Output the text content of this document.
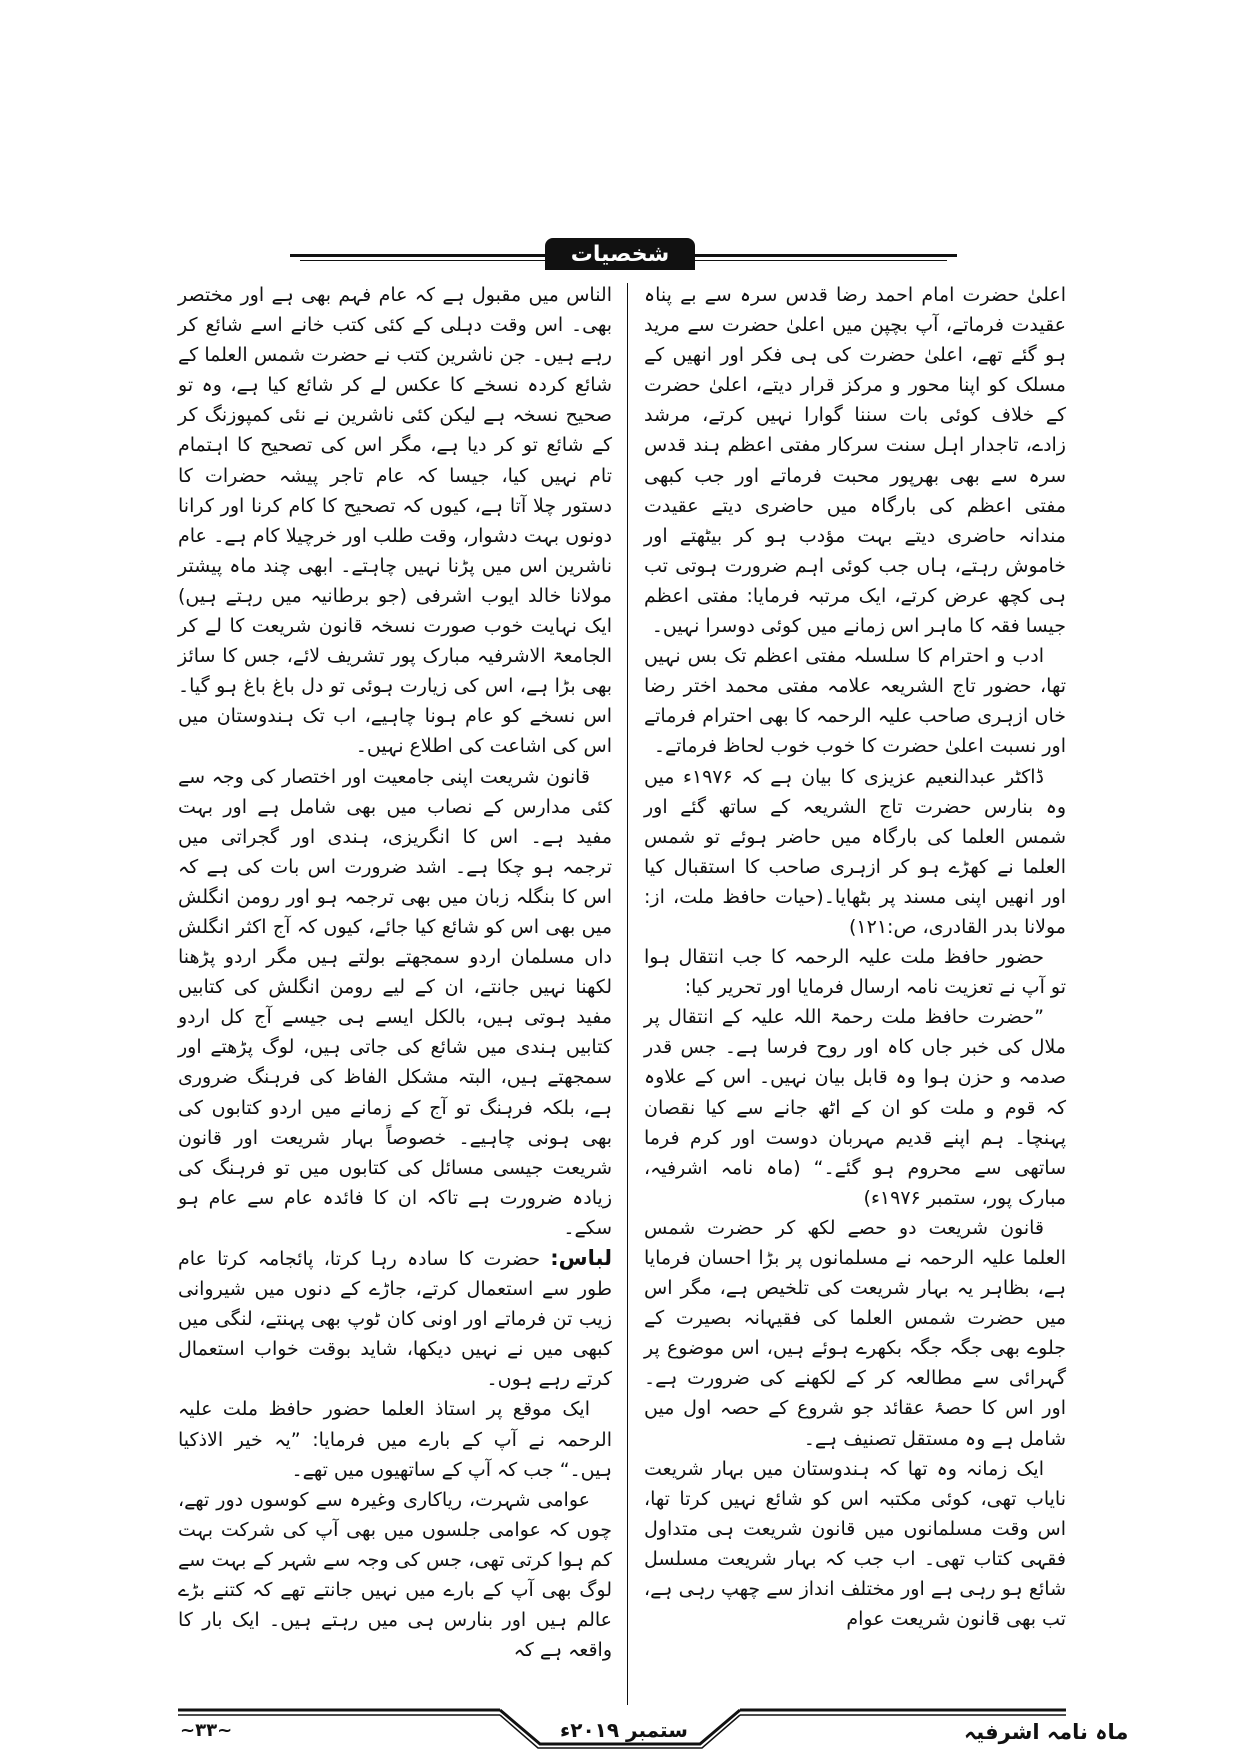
شخصیات

اعلیٰ حضرت امام احمد رضا قدس سرہ سے بے پناہ عقیدت فرماتے، آپ بچپن میں اعلیٰ حضرت سے مرید ہو گئے تھے، اعلیٰ حضرت کی ہی فکر اور انھیں کے مسلک کو اپنا محور و مرکز قرار دیتے، اعلیٰ حضرت کے خلاف کوئی بات سننا گوارا نہیں کرتے، مرشد زادے، تاجدار اہل سنت سرکار مفتی اعظم ہند قدس سرہ سے بھی بھرپور محبت فرماتے اور جب کبھی مفتی اعظم کی بارگاہ میں حاضری دیتے عقیدت مندانہ حاضری دیتے بہت مؤدب ہو کر بیٹھتے اور خاموش رہتے، ہاں جب کوئی اہم ضرورت ہوتی تب ہی کچھ عرض کرتے، ایک مرتبہ فرمایا: مفتی اعظم جیسا فقہ کا ماہر اس زمانے میں کوئی دوسرا نہیں۔

ادب و احترام کا سلسلہ مفتی اعظم تک بس نہیں تھا، حضور تاج الشریعہ علامہ مفتی محمد اختر رضا خاں ازہری صاحب علیہ الرحمہ کا بھی احترام فرماتے اور نسبت اعلیٰ حضرت کا خوب خوب لحاظ فرماتے۔

ڈاکٹر عبدالنعیم عزیزی کا بیان ہے کہ ۱۹۷۶ء میں وہ بنارس حضرت تاج الشریعہ کے ساتھ گئے اور شمس العلما کی بارگاہ میں حاضر ہوئے تو شمس العلما نے کھڑے ہو کر ازہری صاحب کا استقبال کیا اور انھیں اپنی مسند پر بٹھایا۔(حیات حافظ ملت، از: مولانا بدر القادری، ص:۱۲۱)

حضور حافظ ملت علیہ الرحمہ کا جب انتقال ہوا تو آپ نے تعزیت نامہ ارسال فرمایا اور تحریر کیا:

”حضرت حافظ ملت رحمۃ اللہ علیہ کے انتقال پر ملال کی خبر جاں کاہ اور روح فرسا ہے۔ جس قدر صدمہ و حزن ہوا وہ قابل بیان نہیں۔ اس کے علاوہ کہ قوم و ملت کو ان کے اٹھ جانے سے کیا نقصان پہنچا۔ ہم اپنے قدیم مہربان دوست اور کرم فرما ساتھی سے محروم ہو گئے۔“ (ماہ نامہ اشرفیہ، مبارک پور، ستمبر ۱۹۷۶ء)

قانون شریعت دو حصے لکھ کر حضرت شمس العلما علیہ الرحمہ نے مسلمانوں پر بڑا احسان فرمایا ہے، بظاہر یہ بہار شریعت کی تلخیص ہے، مگر اس میں حضرت شمس العلما کی فقیہانہ بصیرت کے جلوے بھی جگہ جگہ بکھرے ہوئے ہیں، اس موضوع پر گہرائی سے مطالعہ کر کے لکھنے کی ضرورت ہے۔ اور اس کا حصۂ عقائد جو شروع کے حصہ اول میں شامل ہے وہ مستقل تصنیف ہے۔

ایک زمانہ وہ تھا کہ ہندوستان میں بہار شریعت نایاب تھی، کوئی مکتبہ اس کو شائع نہیں کرتا تھا، اس وقت مسلمانوں میں قانون شریعت ہی متداول فقہی کتاب تھی۔ اب جب کہ بہار شریعت مسلسل شائع ہو رہی ہے اور مختلف انداز سے چھپ رہی ہے، تب بھی قانون شریعت عوام

الناس میں مقبول ہے کہ عام فہم بھی ہے اور مختصر بھی۔ اس وقت دہلی کے کئی کتب خانے اسے شائع کر رہے ہیں۔ جن ناشرین کتب نے حضرت شمس العلما کے شائع کردہ نسخے کا عکس لے کر شائع کیا ہے، وہ تو صحیح نسخہ ہے لیکن کئی ناشرین نے نئی کمپوزنگ کر کے شائع تو کر دیا ہے، مگر اس کی تصحیح کا اہتمام تام نہیں کیا، جیسا کہ عام تاجر پیشہ حضرات کا دستور چلا آتا ہے، کیوں کہ تصحیح کا کام کرنا اور کرانا دونوں بہت دشوار، وقت طلب اور خرچیلا کام ہے۔ عام ناشرین اس میں پڑنا نہیں چاہتے۔ ابھی چند ماہ پیشتر مولانا خالد ایوب اشرفی (جو برطانیہ میں رہتے ہیں) ایک نہایت خوب صورت نسخہ قانون شریعت کا لے کر الجامعۃ الاشرفیہ مبارک پور تشریف لائے، جس کا سائز بھی بڑا ہے، اس کی زیارت ہوئی تو دل باغ باغ ہو گیا۔ اس نسخے کو عام ہونا چاہیے، اب تک ہندوستان میں اس کی اشاعت کی اطلاع نہیں۔

قانون شریعت اپنی جامعیت اور اختصار کی وجہ سے کئی مدارس کے نصاب میں بھی شامل ہے اور بہت مفید ہے۔ اس کا انگریزی، ہندی اور گجراتی میں ترجمہ ہو چکا ہے۔ اشد ضرورت اس بات کی ہے کہ اس کا بنگلہ زبان میں بھی ترجمہ ہو اور رومن انگلش میں بھی اس کو شائع کیا جائے، کیوں کہ آج اکثر انگلش داں مسلمان اردو سمجھتے بولتے ہیں مگر اردو پڑھنا لکھنا نہیں جانتے، ان کے لیے رومن انگلش کی کتابیں مفید ہوتی ہیں، بالکل ایسے ہی جیسے آج کل اردو کتابیں ہندی میں شائع کی جاتی ہیں، لوگ پڑھتے اور سمجھتے ہیں، البتہ مشکل الفاظ کی فرہنگ ضروری ہے، بلکہ فرہنگ تو آج کے زمانے میں اردو کتابوں کی بھی ہونی چاہیے۔ خصوصاً بہار شریعت اور قانون شریعت جیسی مسائل کی کتابوں میں تو فرہنگ کی زیادہ ضرورت ہے تاکہ ان کا فائدہ عام سے عام ہو سکے۔

لباس: حضرت کا سادہ رہا کرتا، پائجامہ کرتا عام طور سے استعمال کرتے، جاڑے کے دنوں میں شیروانی زیب تن فرماتے اور اونی کان ٹوپ بھی پہنتے، لنگی میں کبھی میں نے نہیں دیکھا، شاید بوقت خواب استعمال کرتے رہے ہوں۔

ایک موقع پر استاذ العلما حضور حافظ ملت علیہ الرحمہ نے آپ کے بارے میں فرمایا: ”یہ خیر الاذکیا ہیں۔“ جب کہ آپ کے ساتھیوں میں تھے۔

عوامی شہرت، ریاکاری وغیرہ سے کوسوں دور تھے، چوں کہ عوامی جلسوں میں بھی آپ کی شرکت بہت کم ہوا کرتی تھی، جس کی وجہ سے شہر کے بہت سے لوگ بھی آپ کے بارے میں نہیں جانتے تھے کہ کتنے بڑے عالم ہیں اور بنارس ہی میں رہتے ہیں۔ ایک بار کا واقعہ ہے کہ

ماہ نامہ اشرفیہ
ستمبر ۲۰۱۹ء
~۳۳~
